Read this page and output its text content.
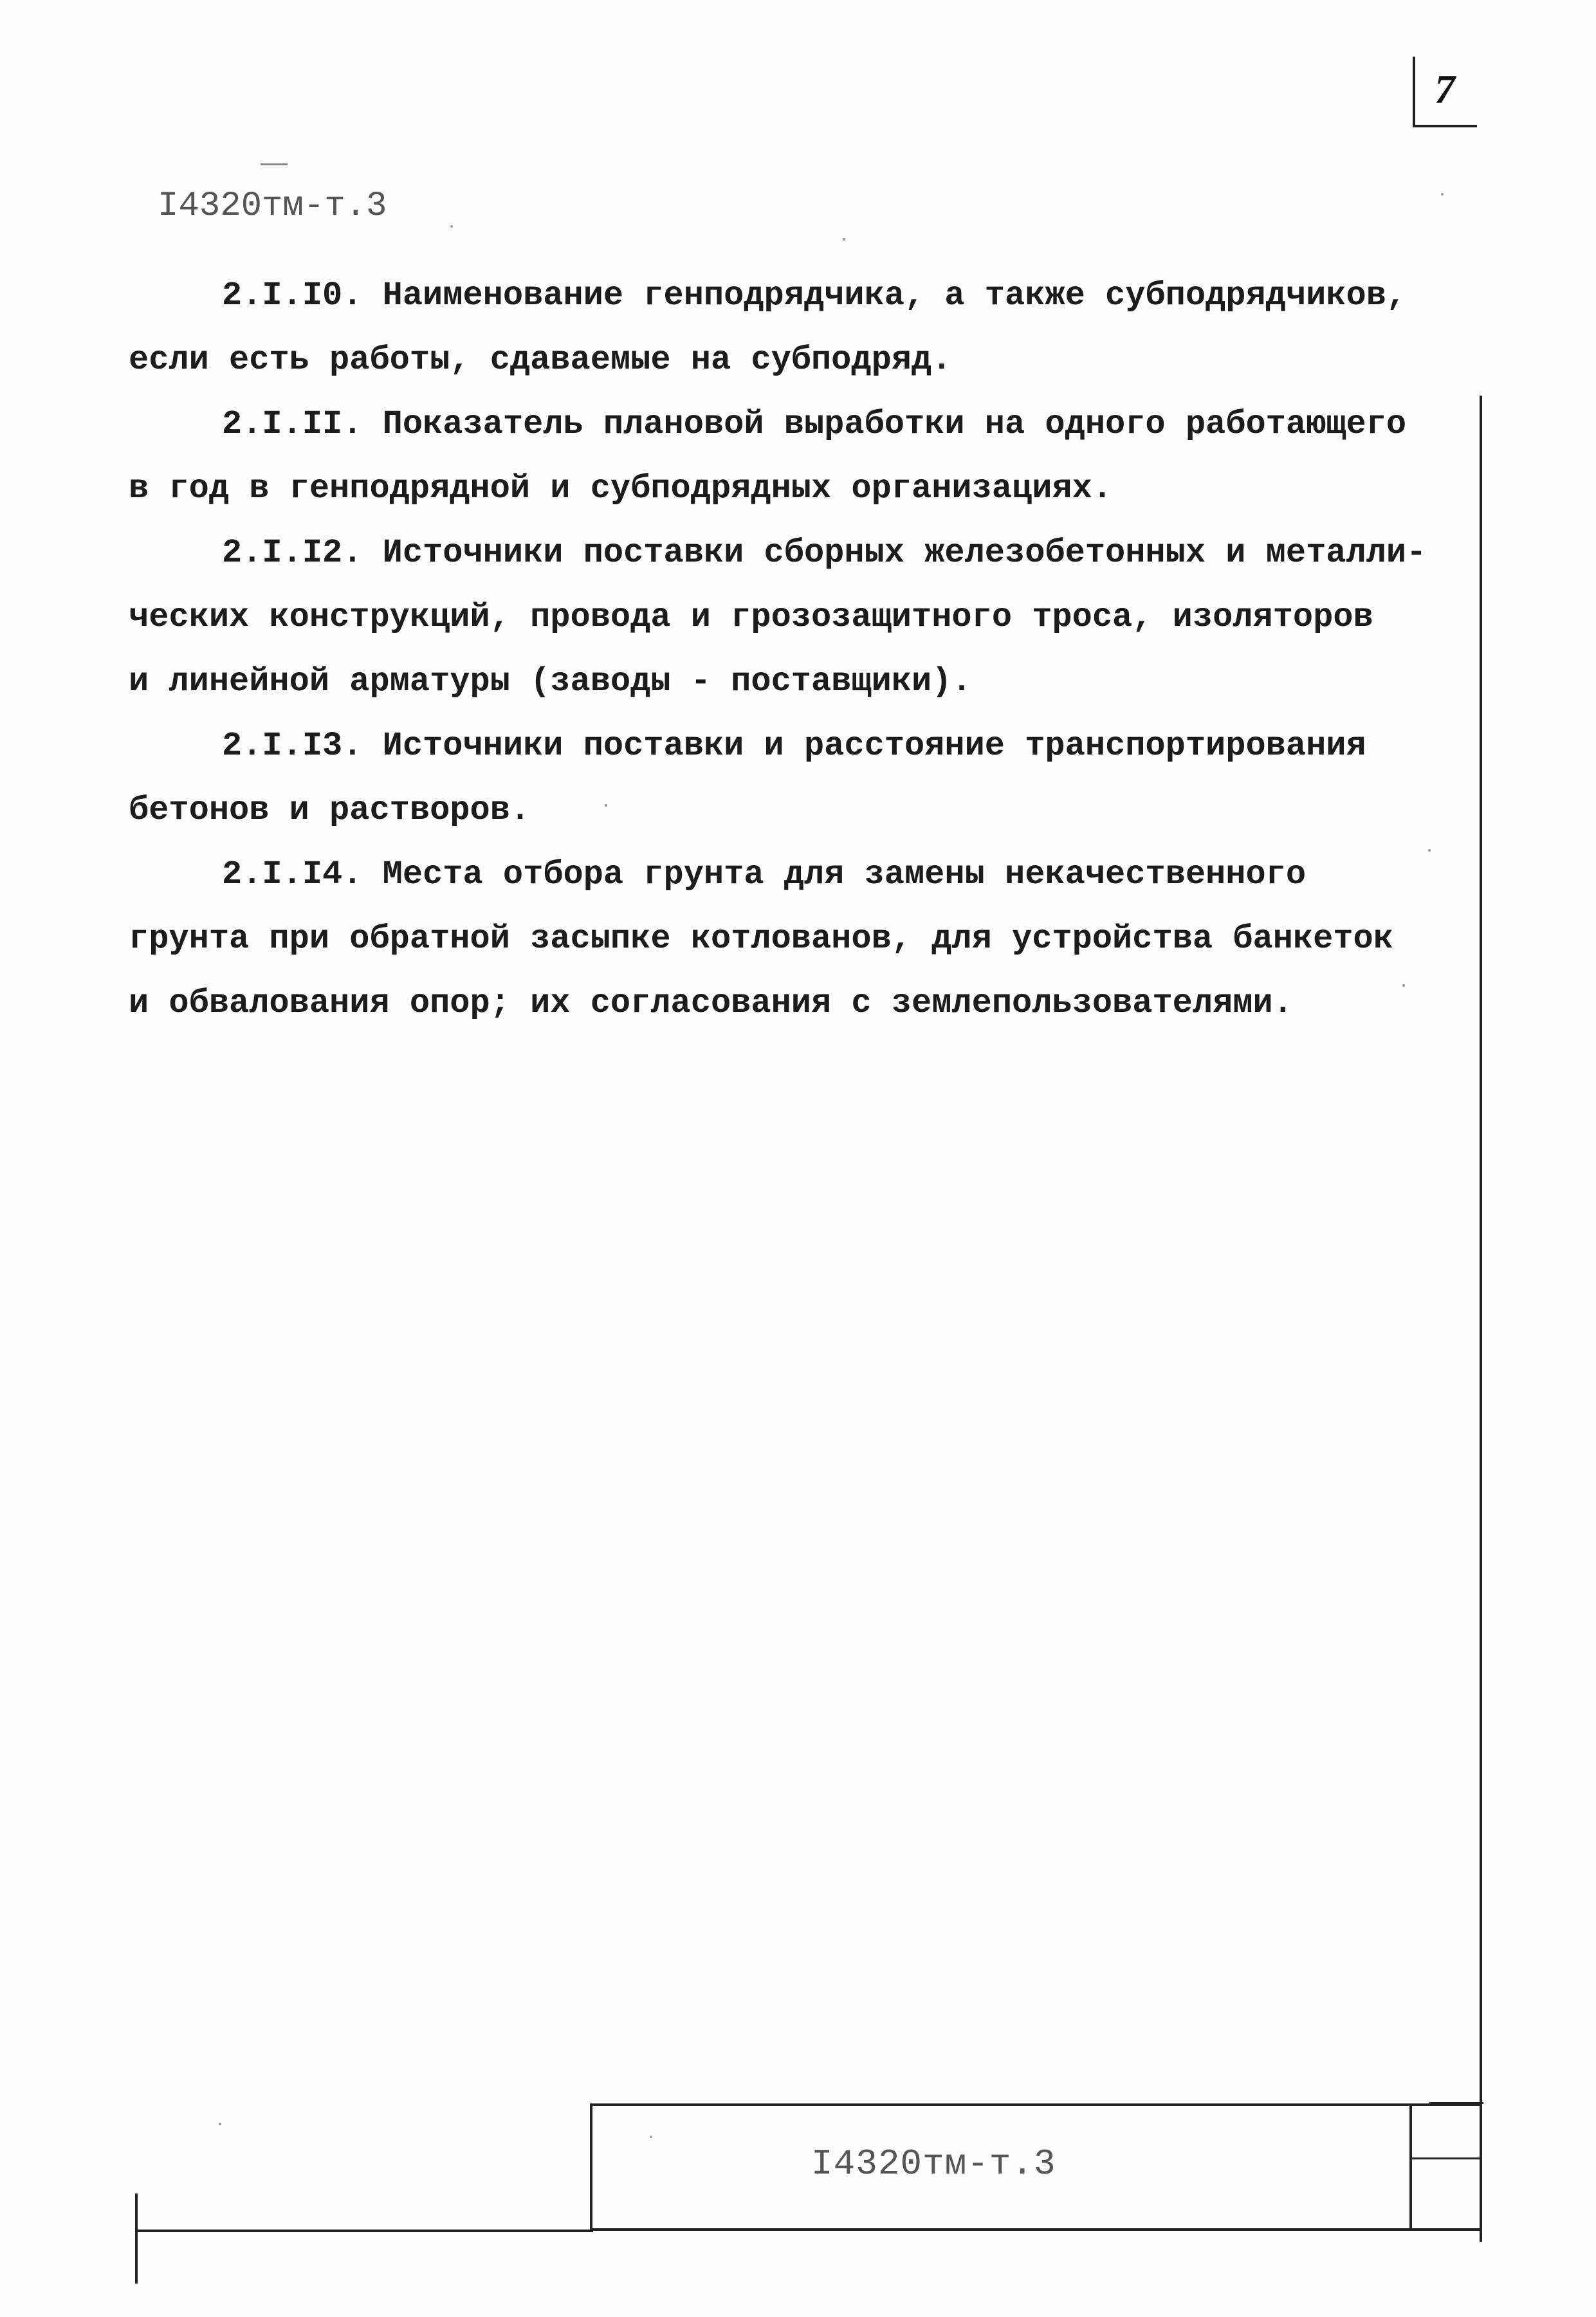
7
I4320тм-т.3

2.I.I0. Наименование генподрядчика, а также субподрядчиков,
если есть работы, сдаваемые на субподряд.

2.I.II. Показатель плановой выработки на одного работающего
в год в генподрядной и субподрядных организациях.

2.I.I2. Источники поставки сборных железобетонных и металли-
ческих конструкций, провода и грозозащитного троса, изоляторов
и линейной арматуры (заводы - поставщики).

2.I.I3. Источники поставки и расстояние транспортирования
бетонов и растворов.

2.I.I4. Места отбора грунта для замены некачественного
грунта при обратной засыпке котлованов, для устройства банкеток
и обвалования опор; их согласования с землепользователями.

I4320тм-т.3
